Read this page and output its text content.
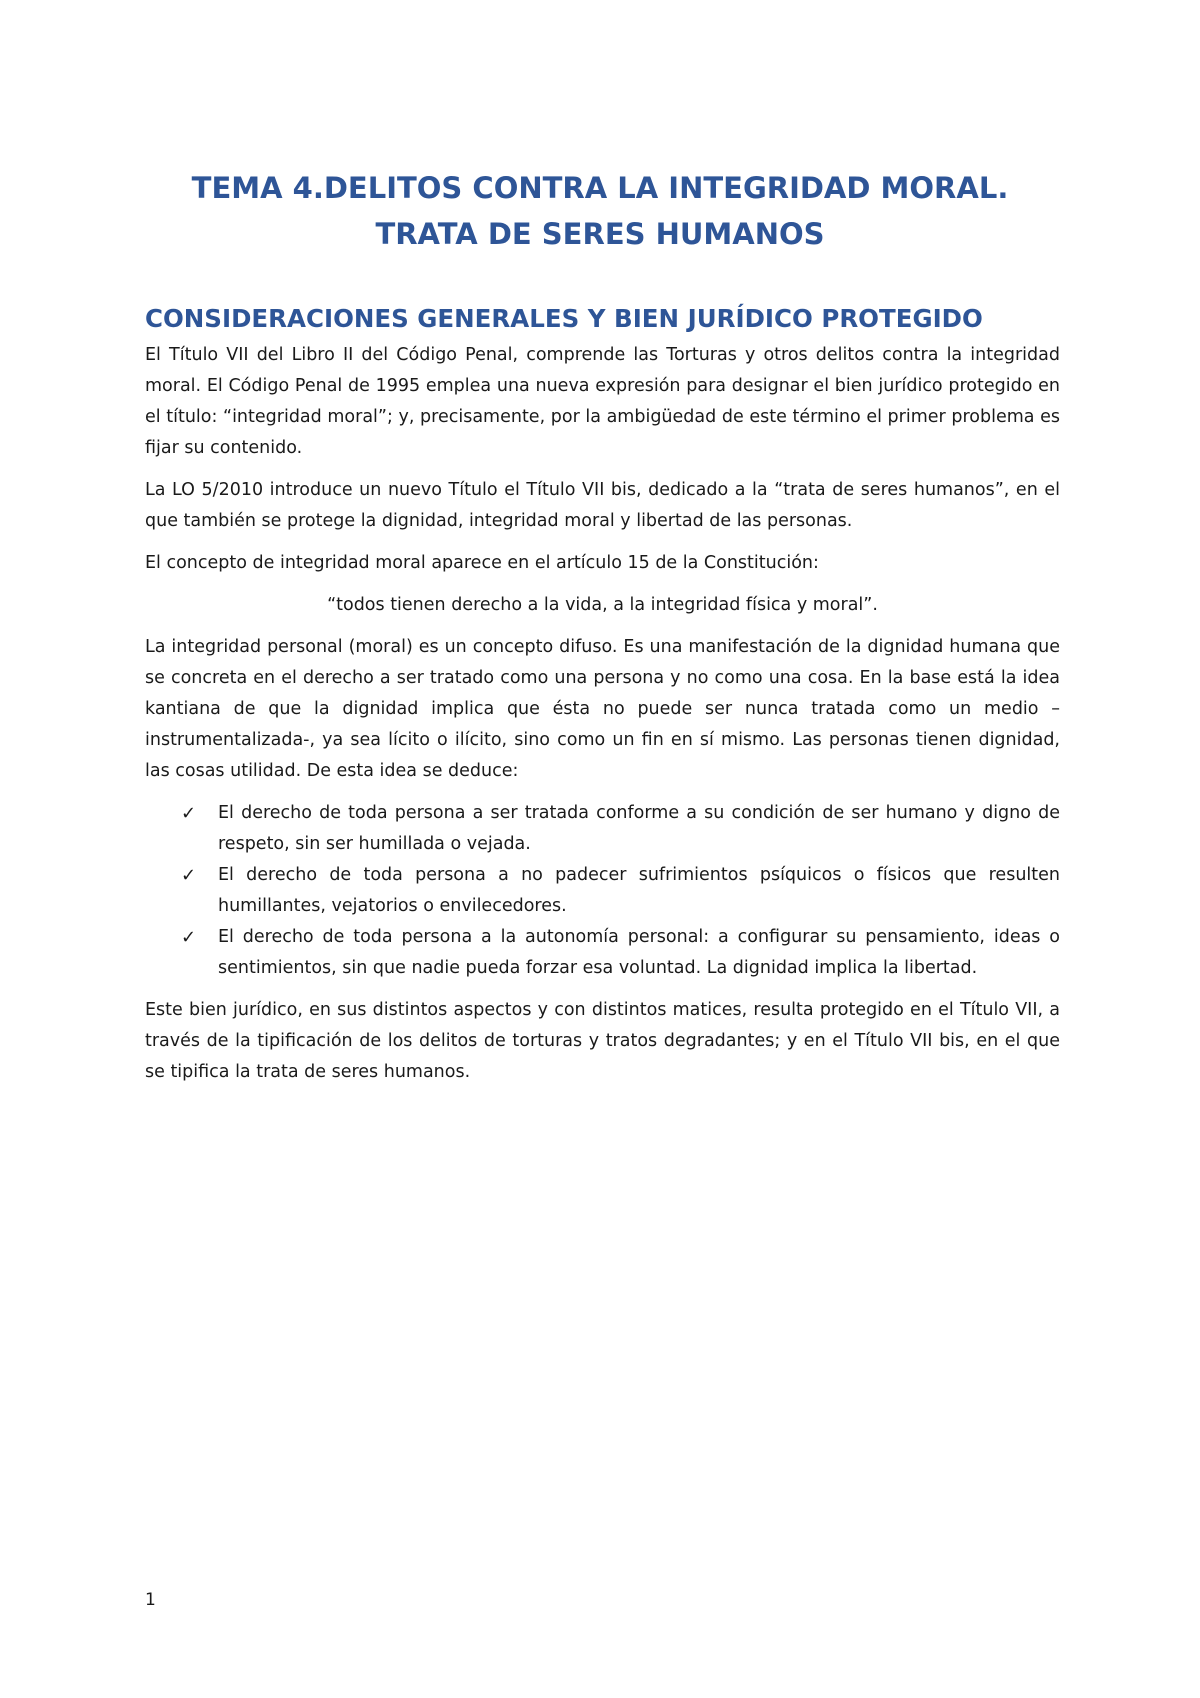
TEMA 4.DELITOS CONTRA LA INTEGRIDAD MORAL.
TRATA DE SERES HUMANOS
CONSIDERACIONES GENERALES Y BIEN JURÍDICO PROTEGIDO

El Título VII del Libro II del Código Penal, comprende las Torturas y otros delitos contra la integridad moral. El Código Penal de 1995 emplea una nueva expresión para designar el bien jurídico protegido en el título: “integridad moral”; y, precisamente, por la ambigüedad de este término el primer problema es fijar su contenido.

La LO 5/2010 introduce un nuevo Título el Título VII bis, dedicado a la “trata de seres humanos”, en el que también se protege la dignidad, integridad moral y libertad de las personas.

El concepto de integridad moral aparece en el artículo 15 de la Constitución:

“todos tienen derecho a la vida, a la integridad física y moral”.

La integridad personal (moral) es un concepto difuso. Es una manifestación de la dignidad humana que se concreta en el derecho a ser tratado como una persona y no como una cosa. En la base está la idea kantiana de que la dignidad implica que ésta no puede ser nunca tratada como un medio –instrumentalizada-, ya sea lícito o ilícito, sino como un fin en sí mismo. Las personas tienen dignidad, las cosas utilidad. De esta idea se deduce:

✓ El derecho de toda persona a ser tratada conforme a su condición de ser humano y digno de respeto, sin ser humillada o vejada.
✓ El derecho de toda persona a no padecer sufrimientos psíquicos o físicos que resulten humillantes, vejatorios o envilecedores.
✓ El derecho de toda persona a la autonomía personal: a configurar su pensamiento, ideas o sentimientos, sin que nadie pueda forzar esa voluntad. La dignidad implica la libertad.

Este bien jurídico, en sus distintos aspectos y con distintos matices, resulta protegido en el Título VII, a través de la tipificación de los delitos de torturas y tratos degradantes; y en el Título VII bis, en el que se tipifica la trata de seres humanos.

1
